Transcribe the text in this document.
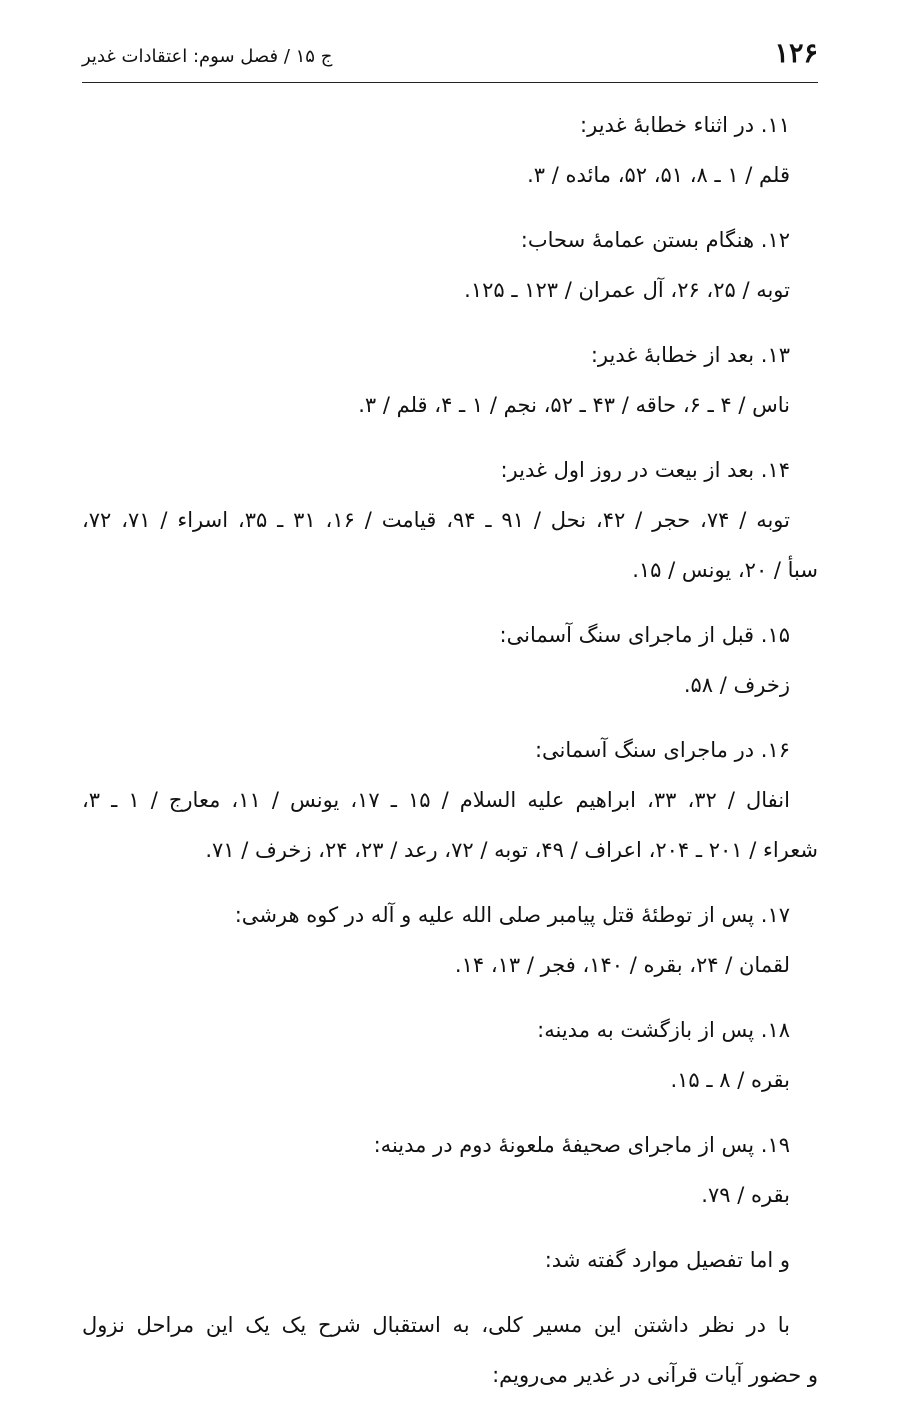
۱۲۶
ج ۱۵ / فصل سوم: اعتقادات غدیر
۱۱. در اثناء خطابۀ غدیر:
قلم / ۱ ـ ۸، ۵۱، ۵۲، مائده / ۳.
۱۲. هنگام بستن عمامۀ سحاب:
توبه / ۲۵، ۲۶، آل عمران / ۱۲۳ ـ ۱۲۵.
۱۳. بعد از خطابۀ غدیر:
ناس / ۴ ـ ۶، حاقه / ۴۳ ـ ۵۲، نجم / ۱ ـ ۴، قلم / ۳.
۱۴. بعد از بیعت در روز اول غدیر:
توبه / ۷۴، حجر / ۴۲، نحل / ۹۱ ـ ۹۴، قیامت / ۱۶، ۳۱ ـ ۳۵، اسراء / ۷۱، ۷۲،
سبأ / ۲۰، یونس / ۱۵.
۱۵. قبل از ماجرای سنگ آسمانی:
زخرف / ۵۸.
۱۶. در ماجرای سنگ آسمانی:
انفال / ۳۲، ۳۳، ابراهیم علیه السلام / ۱۵ ـ ۱۷، یونس / ۱۱، معارج / ۱ ـ ۳،
شعراء / ۲۰۱ ـ ۲۰۴، اعراف / ۴۹، توبه / ۷۲، رعد / ۲۳، ۲۴، زخرف / ۷۱.
۱۷. پس از توطئۀ قتل پیامبر صلی الله علیه و آله در کوه هرشی:
لقمان / ۲۴، بقره / ۱۴۰، فجر / ۱۳، ۱۴.
۱۸. پس از بازگشت به مدینه:
بقره / ۸ ـ ۱۵.
۱۹. پس از ماجرای صحیفۀ ملعونۀ دوم در مدینه:
بقره / ۷۹.
و اما تفصیل موارد گفته شد:
با در نظر داشتن این مسیر کلی، به استقبال شرح یک یک این مراحل نزول
و حضور آیات قرآنی در غدیر می‌رویم:
